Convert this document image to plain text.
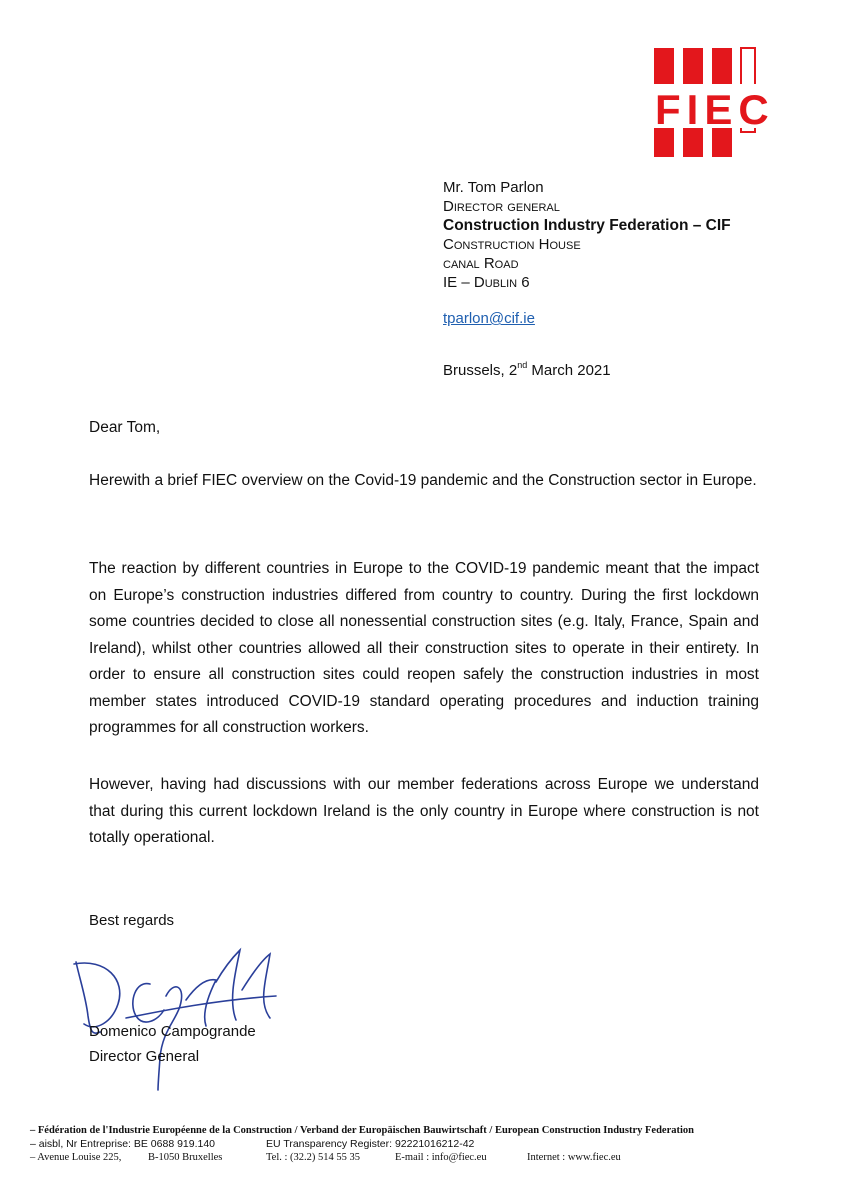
FIEC
Mr. Tom Parlon
Director general
Construction Industry Federation – CIF
Construction House
canal Road
IE – Dublin 6
tparlon@cif.ie
Brussels, 2nd March 2021
Dear Tom,
Herewith a brief FIEC overview on the Covid-19 pandemic and the Construction sector in Europe.
The reaction by different countries in Europe to the COVID-19 pandemic meant that the impact on Europe’s construction industries differed from country to country. During the first lockdown some countries decided to close all nonessential construction sites (e.g. Italy, France, Spain and Ireland), whilst other countries allowed all their construction sites to operate in their entirety. In order to ensure all construction sites could reopen safely the construction industries in most member states introduced COVID-19 standard operating procedures and induction training programmes for all construction workers.
However, having had discussions with our member federations across Europe we understand that during this current lockdown Ireland is the only country in Europe where construction is not totally operational.
Best regards
Domenico Campogrande
Director General
– Fédération de l'Industrie Européenne de la Construction / Verband der Europäischen Bauwirtschaft / European Construction Industry Federation
– aisbl, Nr Entreprise: BE 0688 919.140	EU Transparency Register: 92221016212-42
– Avenue Louise 225,	B-1050 Bruxelles	Tel. : (32.2) 514 55 35	E-mail : info@fiec.eu	Internet : www.fiec.eu
